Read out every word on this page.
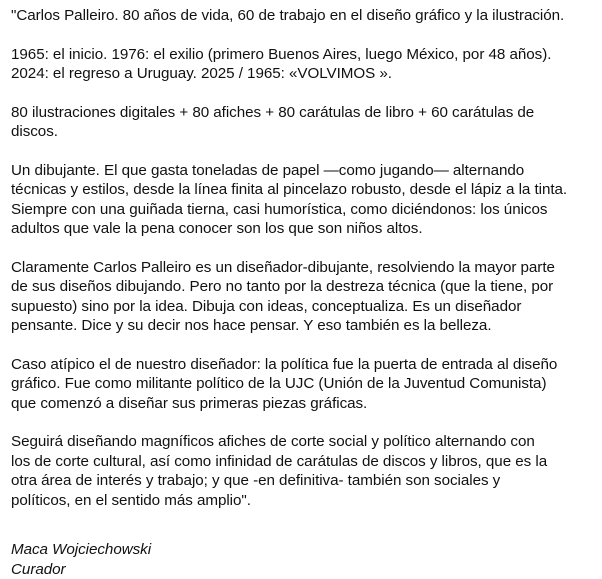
"Carlos Palleiro. 80 años de vida, 60 de trabajo en el diseño gráfico y la ilustración.

1965: el inicio. 1976: el exilio (primero Buenos Aires, luego México, por 48 años).
2024: el regreso a Uruguay. 2025 / 1965: «VOLVIMOS ».

80 ilustraciones digitales + 80 afiches + 80 carátulas de libro + 60 carátulas de
discos.

Un dibujante. El que gasta toneladas de papel —como jugando— alternando
técnicas y estilos, desde la línea finita al pincelazo robusto, desde el lápiz a la tinta.
Siempre con una guiñada tierna, casi humorística, como diciéndonos: los únicos
adultos que vale la pena conocer son los que son niños altos.

Claramente Carlos Palleiro es un diseñador-dibujante, resolviendo la mayor parte
de sus diseños dibujando. Pero no tanto por la destreza técnica (que la tiene, por
supuesto) sino por la idea. Dibuja con ideas, conceptualiza. Es un diseñador
pensante. Dice y su decir nos hace pensar. Y eso también es la belleza.

Caso atípico el de nuestro diseñador: la política fue la puerta de entrada al diseño
gráfico. Fue como militante político de la UJC (Unión de la Juventud Comunista)
que comenzó a diseñar sus primeras piezas gráficas.

Seguirá diseñando magníficos afiches de corte social y político alternando con
los de corte cultural, así como infinidad de carátulas de discos y libros, que es la
otra área de interés y trabajo; y que -en definitiva- también son sociales y
políticos, en el sentido más amplio".

Maca Wojciechowski
Curador
